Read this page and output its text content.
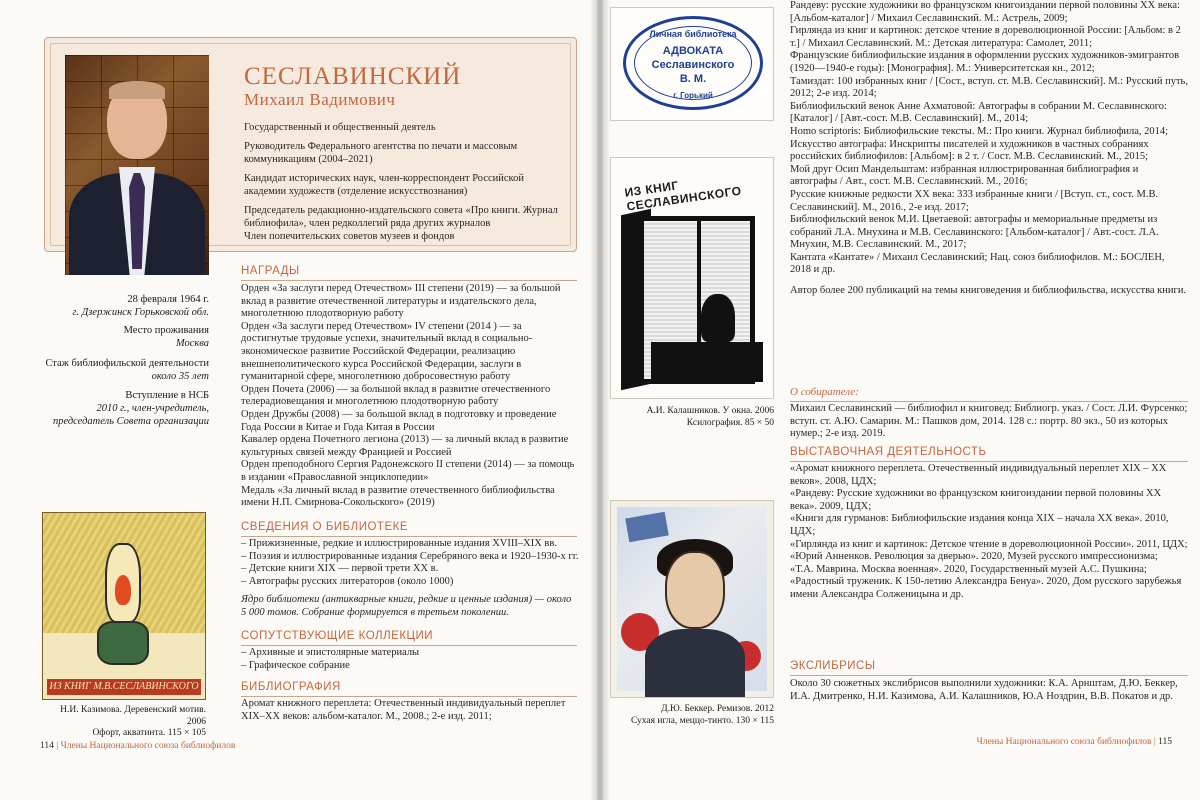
СЕСЛАВИНСКИЙ
Михаил Вадимович
Государственный и общественный деятель
Руководитель Федерального агентства по печати и массовым коммуникациям (2004–2021)
Кандидат исторических наук, член-корреспондент Российской академии художеств (отделение искусствознания)
Председатель редакционно-издательского совета «Про книги. Журнал библиофила», член редколлегий ряда других журналов
Член попечительских советов музеев и фондов
28 февраля 1964 г.
г. Дзержинск Горьковской обл.
Место проживания
Москва
Стаж библиофильской деятельности
около 35 лет
Вступление в НСБ
2010 г., член-учредитель, председатель Совета организации
НАГРАДЫ

Орден «За заслуги перед Отечеством» III степени (2019) — за большой вклад в развитие отечественной литературы и издательского дела, многолетнюю плодотворную работу

Орден «За заслуги перед Отечеством» IV степени (2014 ) — за достигнутые трудовые успехи, значительный вклад в социально-экономическое развитие Российской Федерации, реализацию внешнеполитического курса Российской Федерации, заслуги в гуманитарной сфере, многолетнюю добросовестную работу

Орден Почета (2006) — за большой вклад в развитие отечественного телерадиовещания и многолетнюю плодотворную работу

Орден Дружбы (2008) — за большой вклад в подготовку и проведение Года России в Китае и Года Китая в России

Кавалер ордена Почетного легиона (2013) — за личный вклад в развитие культурных связей между Францией и Россией

Орден преподобного Сергия Радонежского II степени (2014) — за помощь в издании «Православной энциклопедии»

Медаль «За личный вклад в развитие отечественного библиофильства имени Н.П. Смирнова-Сокольского» (2019)

СВЕДЕНИЯ О БИБЛИОТЕКЕ
– Прижизненные, редкие и иллюстрированные издания XVIII–XIX вв.
– Поэзия и иллюстрированные издания Серебряного века и 1920–1930-х гг.
– Детские книги XIX — первой трети XX в.
– Автографы русских литераторов (около 1000)

Ядро библиотеки (антикварные книги, редкие и ценные издания) — около 5 000 томов. Собрание формируется в третьем поколении.

СОПУТСТВУЮЩИЕ КОЛЛЕКЦИИ
– Архивные и эпистолярные материалы
– Графическое собрание
БИБЛИОГРАФИЯ

Аромат книжного переплета: Отечественный индивидуальный переплет XIX–XX веков: альбом-каталог. М., 2008.; 2-е изд. 2011;

ИЗ КНИГ М.В.СЕСЛАВИНСКОГО
Н.И. Казимова. Деревенский мотив. 2006
Офорт, акватинта. 115 × 105
114 | Члены Национального союза библиофилов
Личная библиотека
АДВОКАТА
Сеславинского
В. М.
г. Горький
ИЗ КНИГ СЕСЛАВИНСКОГО
А.И. Калашников. У окна. 2006
Ксилография. 85 × 50
Д.Ю. Беккер. Ремизов. 2012
Сухая игла, меццо-тинто. 130 × 115

Рандеву: русские художники во французском книгоиздании первой половины XX века: [Альбом-каталог] / Михаил Сеславинский. М.: Астрель, 2009;

Гирлянда из книг и картинок: детское чтение в дореволюционной России: [Альбом: в 2 т.] / Михаил Сеславинский. М.: Детская литература: Самолет, 2011;

Французские библиофильские издания в оформлении русских художников-эмигрантов (1920—1940-е годы): [Монография]. М.: Университетская кн., 2012;

Тамиздат: 100 избранных книг / [Сост., вступ. ст. М.В. Сеславинский]. М.: Русский путь, 2012; 2-е изд. 2014;

Библиофильский венок Анне Ахматовой: Автографы в собрании М. Сеславинского: [Каталог] / [Авт.-сост. М.В. Сеславинский]. М., 2014;

Homo scriptoris: Библиофильские тексты. М.: Про книги. Журнал библиофила, 2014;

Искусство автографа: Инскрипты писателей и художников в частных собраниях российских библиофилов: [Альбом]: в 2 т. / Сост. М.В. Сеславинский. М., 2015;

Мой друг Осип Мандельштам: избранная иллюстрированная библиография и автографы / Авт., сост. М.В. Сеславинский. М., 2016;

Русские книжные редкости XX века: 333 избранные книги / [Вступ. ст., сост. М.В. Сеславинский]. М., 2016., 2-е изд. 2017;

Библиофильский венок М.И. Цветаевой: автографы и мемориальные предметы из собраний Л.А. Мнухина и М.В. Сеславинского: [Альбом-каталог] / Авт.-сост. Л.А. Мнухин, М.В. Сеславинский. М., 2017;

Кантата «Кантате» / Михаил Сеславинский; Нац. союз библиофилов. М.: БОСЛЕН, 2018 и др.

Автор более 200 публикаций на темы книговедения и библиофильства, искусства книги.

О собирателе:
Михаил Сеславинский — библиофил и книговед: Библиогр. указ. / Сост. Л.И. Фурсенко; вступ. ст. А.Ю. Самарин. М.: Пашков дом, 2014. 128 с.: портр. 80 экз., 50 из которых нумер.; 2-е изд. 2019.
ВЫСТАВОЧНАЯ ДЕЯТЕЛЬНОСТЬ

«Аромат книжного переплета. Отечественный индивидуальный переплет XIX – XX веков». 2008, ЦДХ;

«Рандеву: Русские художники во французском книгоиздании первой половины XX века». 2009, ЦДХ;

«Книги для гурманов: Библиофильские издания конца XIX – начала XX века». 2010, ЦДХ;

«Гирлянда из книг и картинок: Детское чтение в дореволюционной России». 2011, ЦДХ;

«Юрий Анненков. Революция за дверью». 2020, Музей русского импрессионизма;

«Т.А. Маврина. Москва военная». 2020, Государственный музей А.С. Пушкина;

«Радостный труженик. К 150-летию Александра Бенуа». 2020, Дом русского зарубежья имени Александра Солженицына и др.

ЭКСЛИБРИСЫ
Около 30 сюжетных экслибрисов выполнили художники: К.А. Арнштам, Д.Ю. Беккер, И.А. Дмитренко, Н.И. Казимова, А.И. Калашников, Ю.А Ноздрин, В.В. Покатов и др.
Члены Национального союза библиофилов | 115
